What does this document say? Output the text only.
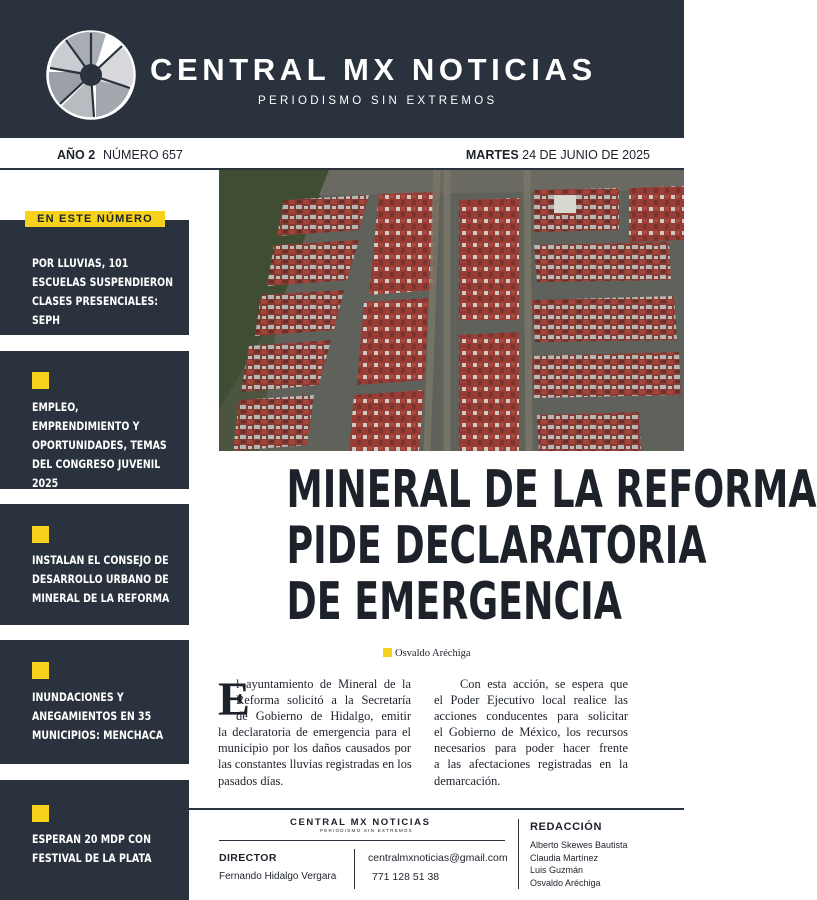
CENTRAL MX NOTICIAS
PERIODISMO SIN EXTREMOS
AÑO 2 NÚMERO 657	MARTES 24 DE JUNIO DE 2025
EN ESTE NÚMERO
POR LLUVIAS, 101 ESCUELAS SUSPENDIERON CLASES PRESENCIALES: SEPH
EMPLEO, EMPRENDIMIENTO Y OPORTUNIDADES, TEMAS DEL CONGRESO JUVENIL 2025
INSTALAN EL CONSEJO DE DESARROLLO URBANO DE MINERAL DE LA REFORMA
INUNDACIONES Y ANEGAMIENTOS EN 35 MUNICIPIOS: MENCHACA
ESPERAN 20 MDP CON FESTIVAL DE LA PLATA
MINERAL DE LA REFORMA
PIDE DECLARATORIA
DE EMERGENCIA
Osvaldo Aréchiga
E
l ayuntamiento de Mineral de la
Reforma solicitó a la Secretaría
de Gobierno de Hidalgo, emitir
la declaratoria de emergencia para el
municipio por los daños causados por
las constantes lluvias registradas en los
pasados días.
Con esta acción, se espera que
el Poder Ejecutivo local realice las
acciones conducentes para solicitar
el Gobierno de México, los recursos
necesarios para poder hacer frente
a las afectaciones registradas en la
demarcación.
CENTRAL MX NOTICIAS
PERIODISMO SIN EXTREMOS
DIRECTOR
Fernando Hidalgo Vergara
centralmxnoticias@gmail.com
771 128 51 38
REDACCIÓN
Alberto Skewes Bautista
Claudia Martínez
Luis Guzmán
Osvaldo Aréchiga
